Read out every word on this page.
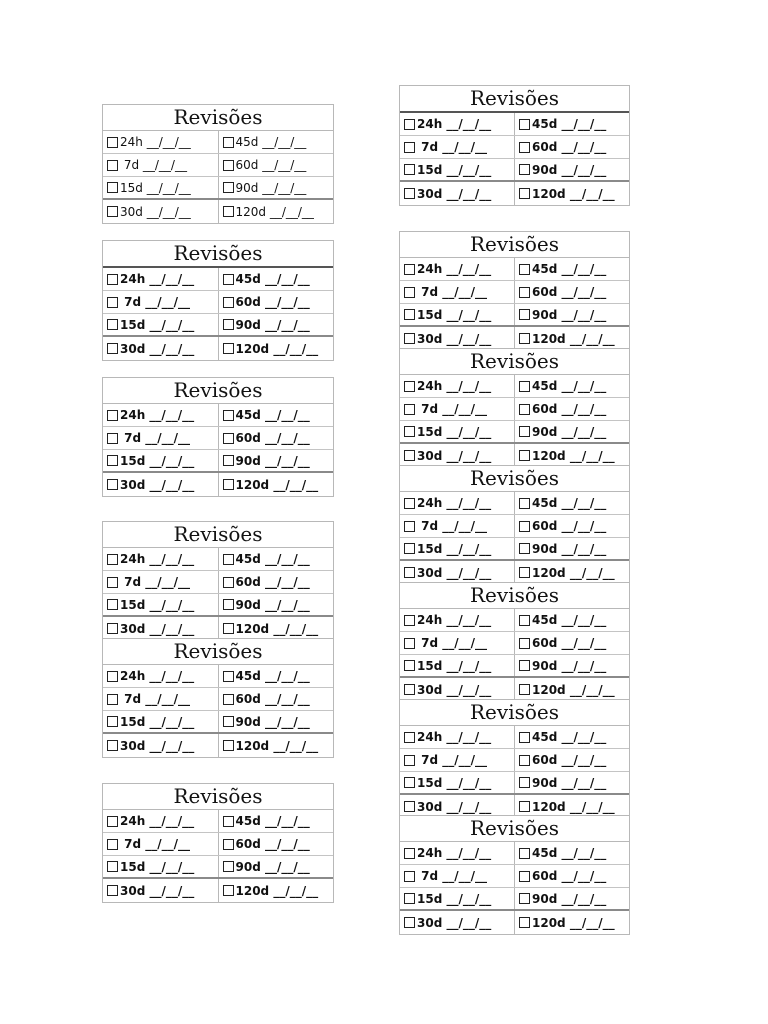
Revisões
24h __/__/__	45d __/__/__
7d __/__/__	60d __/__/__
15d __/__/__	90d __/__/__
30d __/__/__	120d __/__/__
Revisões
24h __/__/__	45d __/__/__
7d __/__/__	60d __/__/__
15d __/__/__	90d __/__/__
30d __/__/__	120d __/__/__
Revisões
24h __/__/__	45d __/__/__
7d __/__/__	60d __/__/__
15d __/__/__	90d __/__/__
30d __/__/__	120d __/__/__
Revisões
24h __/__/__	45d __/__/__
7d __/__/__	60d __/__/__
15d __/__/__	90d __/__/__
30d __/__/__	120d __/__/__
Revisões
24h __/__/__	45d __/__/__
7d __/__/__	60d __/__/__
15d __/__/__	90d __/__/__
30d __/__/__	120d __/__/__
Revisões
24h __/__/__	45d __/__/__
7d __/__/__	60d __/__/__
15d __/__/__	90d __/__/__
30d __/__/__	120d __/__/__
Revisões
24h __/__/__	45d __/__/__
7d __/__/__	60d __/__/__
15d __/__/__	90d __/__/__
30d __/__/__	120d __/__/__
Revisões
24h __/__/__	45d __/__/__
7d __/__/__	60d __/__/__
15d __/__/__	90d __/__/__
30d __/__/__	120d __/__/__
Revisões
24h __/__/__	45d __/__/__
7d __/__/__	60d __/__/__
15d __/__/__	90d __/__/__
30d __/__/__	120d __/__/__
Revisões
24h __/__/__	45d __/__/__
7d __/__/__	60d __/__/__
15d __/__/__	90d __/__/__
30d __/__/__	120d __/__/__
Revisões
24h __/__/__	45d __/__/__
7d __/__/__	60d __/__/__
15d __/__/__	90d __/__/__
30d __/__/__	120d __/__/__
Revisões
24h __/__/__	45d __/__/__
7d __/__/__	60d __/__/__
15d __/__/__	90d __/__/__
30d __/__/__	120d __/__/__
Revisões
24h __/__/__	45d __/__/__
7d __/__/__	60d __/__/__
15d __/__/__	90d __/__/__
30d __/__/__	120d __/__/__
